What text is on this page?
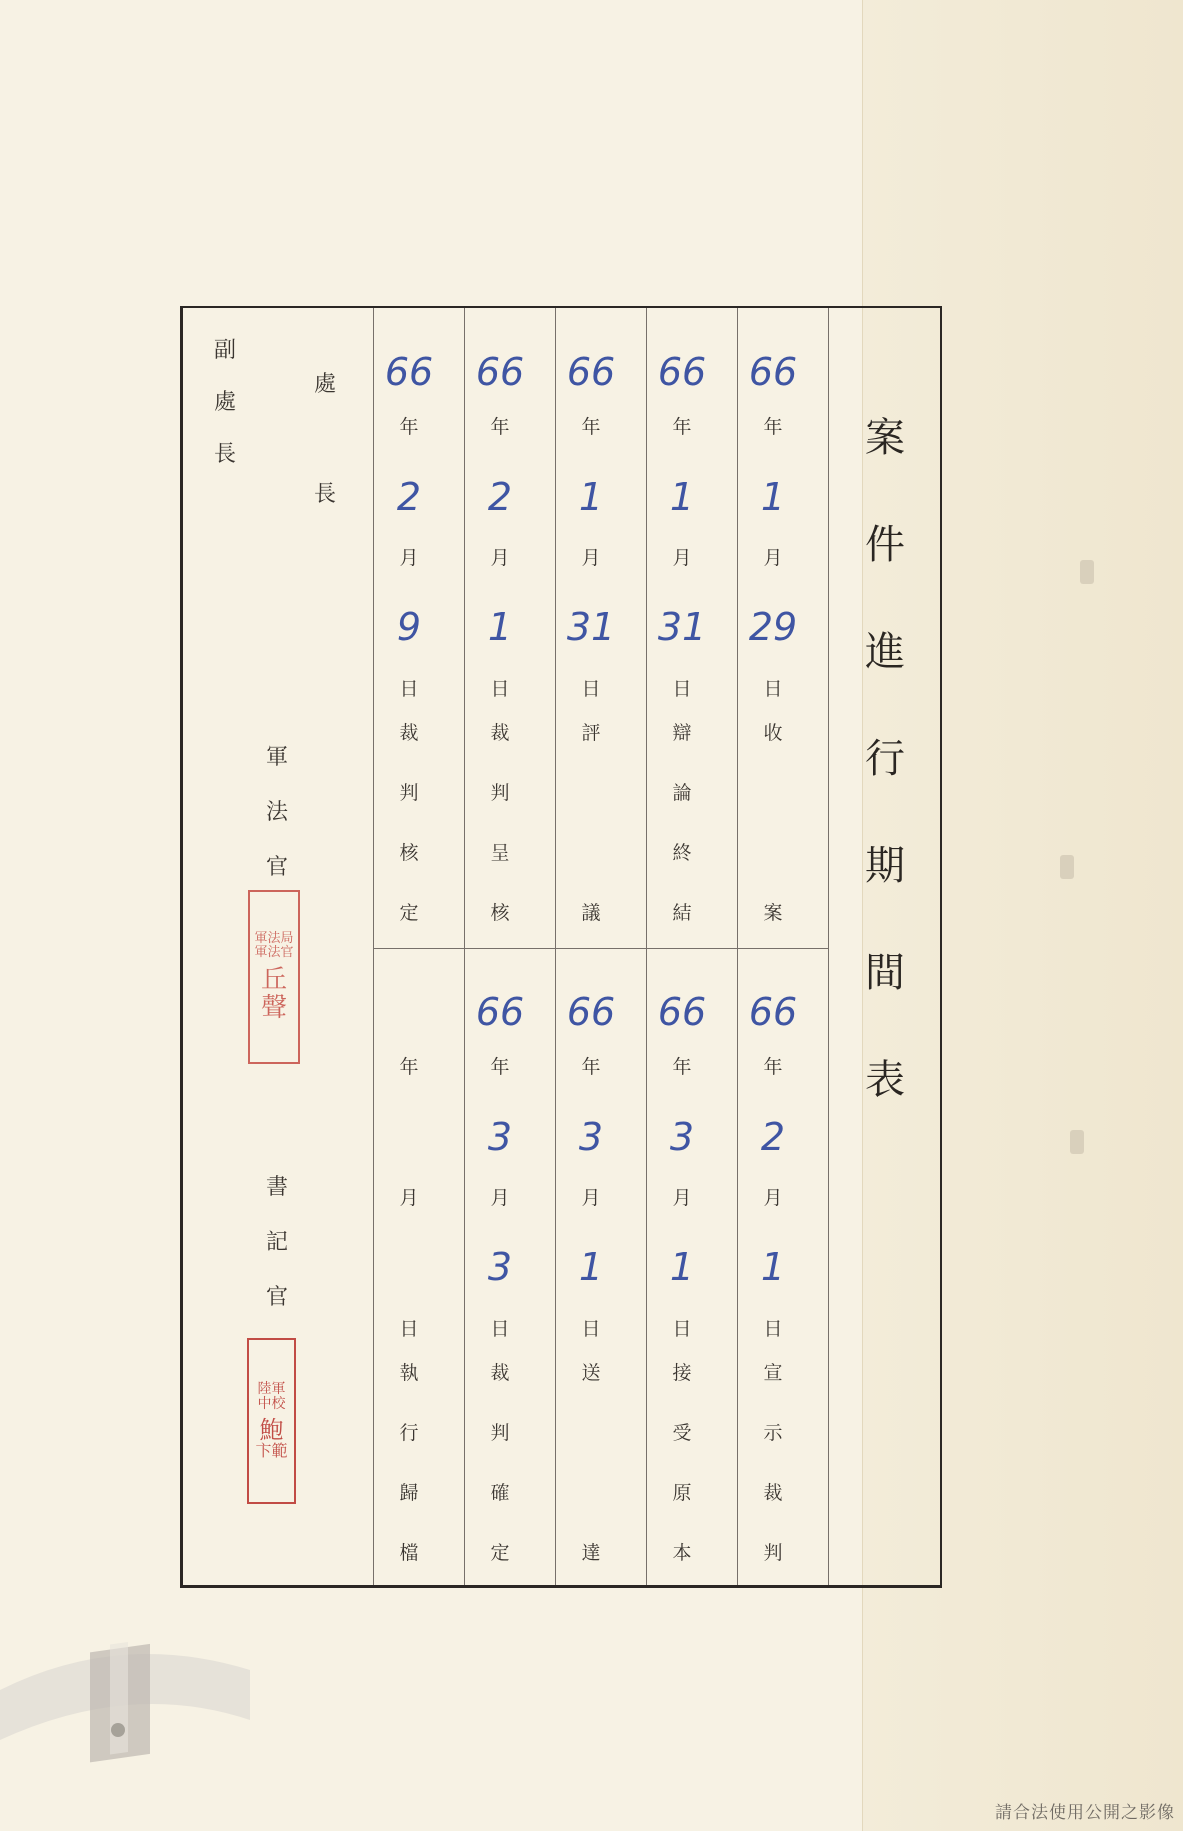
案
件
進
行
期
間
表
66
年
1
月
29
日
收
案
66
年
1
月
31
日
辯
論
終
結
66
年
1
月
31
日
評
議
66
年
2
月
1
日
裁
判
呈
核
66
年
2
月
9
日
裁
判
核
定
66
年
2
月
1
日
宣
示
裁
判
66
年
3
月
1
日
接
受
原
本
66
年
3
月
1
日
送
達
66
年
3
月
3
日
裁
判
確
定
年
月
日
執
行
歸
檔
處
長
副
處
長
軍
法
官
書
記
官
軍法局
軍法官
丘
聲
陸軍
中校
鮑
卞範
請合法使用公開之影像
